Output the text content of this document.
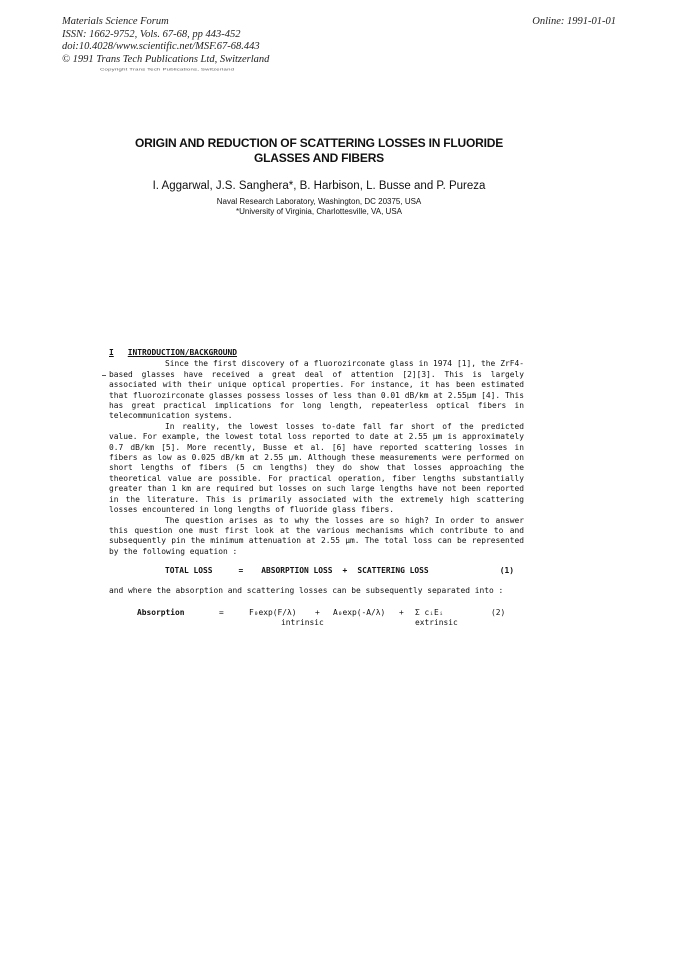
Materials Science Forum
ISSN: 1662-9752, Vols. 67-68, pp 443-452
doi:10.4028/www.scientific.net/MSF.67-68.443
© 1991 Trans Tech Publications Ltd, Switzerland
Online: 1991-01-01
Copyright Trans Tech Publications, Switzerland
ORIGIN AND REDUCTION OF SCATTERING LOSSES IN FLUORIDE
GLASSES AND FIBERS
I. Aggarwal, J.S. Sanghera*, B. Harbison, L. Busse and P. Pureza
Naval Research Laboratory, Washington, DC 20375, USA
*University of Virginia, Charlottesville, VA, USA
I INTRODUCTION/BACKGROUND

Since the first discovery of a fluorozirconate glass in 1974 [1], the ZrF4-based glasses have received a great deal of attention [2][3]. This is largely associated with their unique optical properties. For instance, it has been estimated that fluorozirconate glasses possess losses of less than 0.01 dB/km at 2.55μm [4]. This has great practical implications for long length, repeaterless optical fibers in telecommunication systems.

In reality, the lowest losses to-date fall far short of the predicted value. For example, the lowest total loss reported to date at 2.55 μm is approximately 0.7 dB/km [5]. More recently, Busse et al. [6] have reported scattering losses in fibers as low as 0.025 dB/km at 2.55 μm. Although these measurements were performed on short lengths of fibers (5 cm lengths) they do show that losses approaching the theoretical value are possible. For practical operation, fiber lengths substantially greater than 1 km are required but losses on such large lengths have not been reported in the literature. This is primarily associated with the extremely high scattering losses encountered in long lengths of fluoride glass fibers.

The question arises as to why the losses are so high? In order to answer this question one must first look at the various mechanisms which contribute to and subsequently pin the minimum attenuation at 2.55 μm. The total loss can be represented by the following equation :

TOTAL LOSS	= ABSORPTION LOSS + SCATTERING LOSS	(1)

and where the absorption and scattering losses can be subsequently separated into :

Absorption	=	F₀exp(F/λ) + A₀exp(-A/λ) + Σ cᵢEᵢ	(2)
intrinsic	extrinsic
